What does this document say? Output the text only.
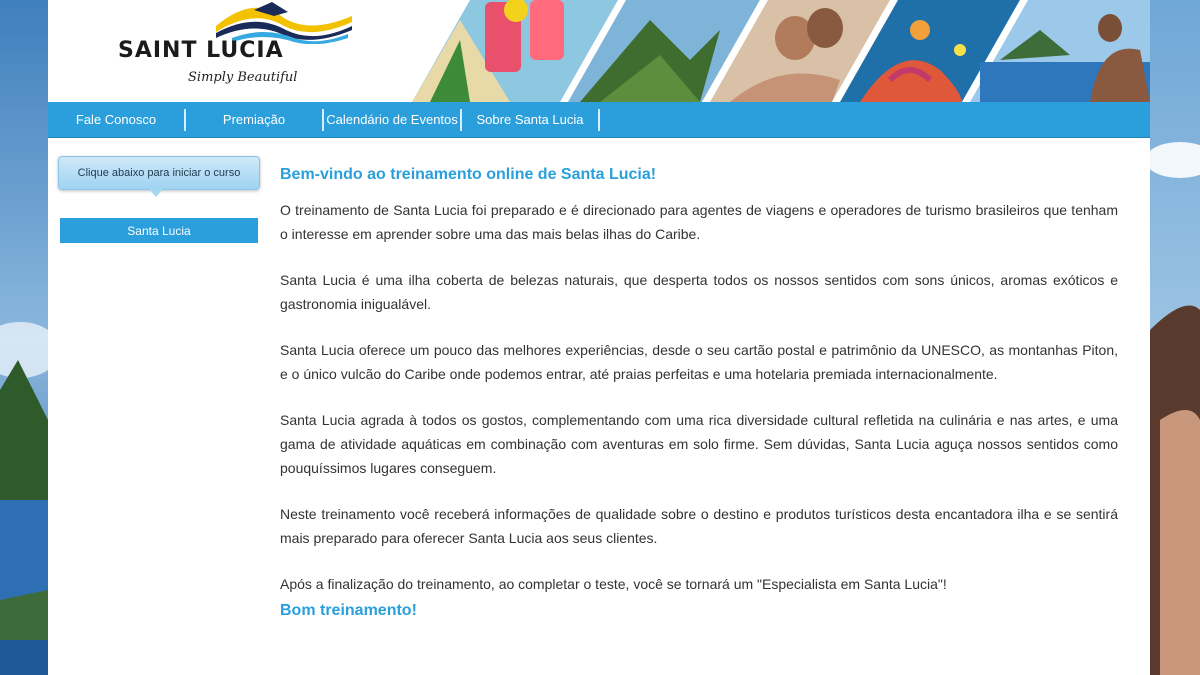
SAINT LUCIA
Simply Beautiful
Fale Conosco	Premiação	Calendário de Eventos	Sobre Santa Lucia
Clique abaixo para iniciar o curso
Santa Lucia
Bem-vindo ao treinamento online de Santa Lucia!

O treinamento de Santa Lucia foi preparado e é direcionado para agentes de viagens e operadores de turismo brasileiros que tenham o interesse em aprender sobre uma das mais belas ilhas do Caribe.

Santa Lucia é uma ilha coberta de belezas naturais, que desperta todos os nossos sentidos com sons únicos, aromas exóticos e gastronomia inigualável.

Santa Lucia oferece um pouco das melhores experiências, desde o seu cartão postal e patrimônio da UNESCO, as montanhas Piton, e o único vulcão do Caribe onde podemos entrar, até praias perfeitas e uma hotelaria premiada internacionalmente.

Santa Lucia agrada à todos os gostos, complementando com uma rica diversidade cultural refletida na culinária e nas artes, e uma gama de atividade aquáticas em combinação com aventuras em solo firme. Sem dúvidas, Santa Lucia aguça nossos sentidos como pouquíssimos lugares conseguem.

Neste treinamento você receberá informações de qualidade sobre o destino e produtos turísticos desta encantadora ilha e se sentirá mais preparado para oferecer Santa Lucia aos seus clientes.

Após a finalização do treinamento, ao completar o teste, você se tornará um "Especialista em Santa Lucia"!

Bom treinamento!
